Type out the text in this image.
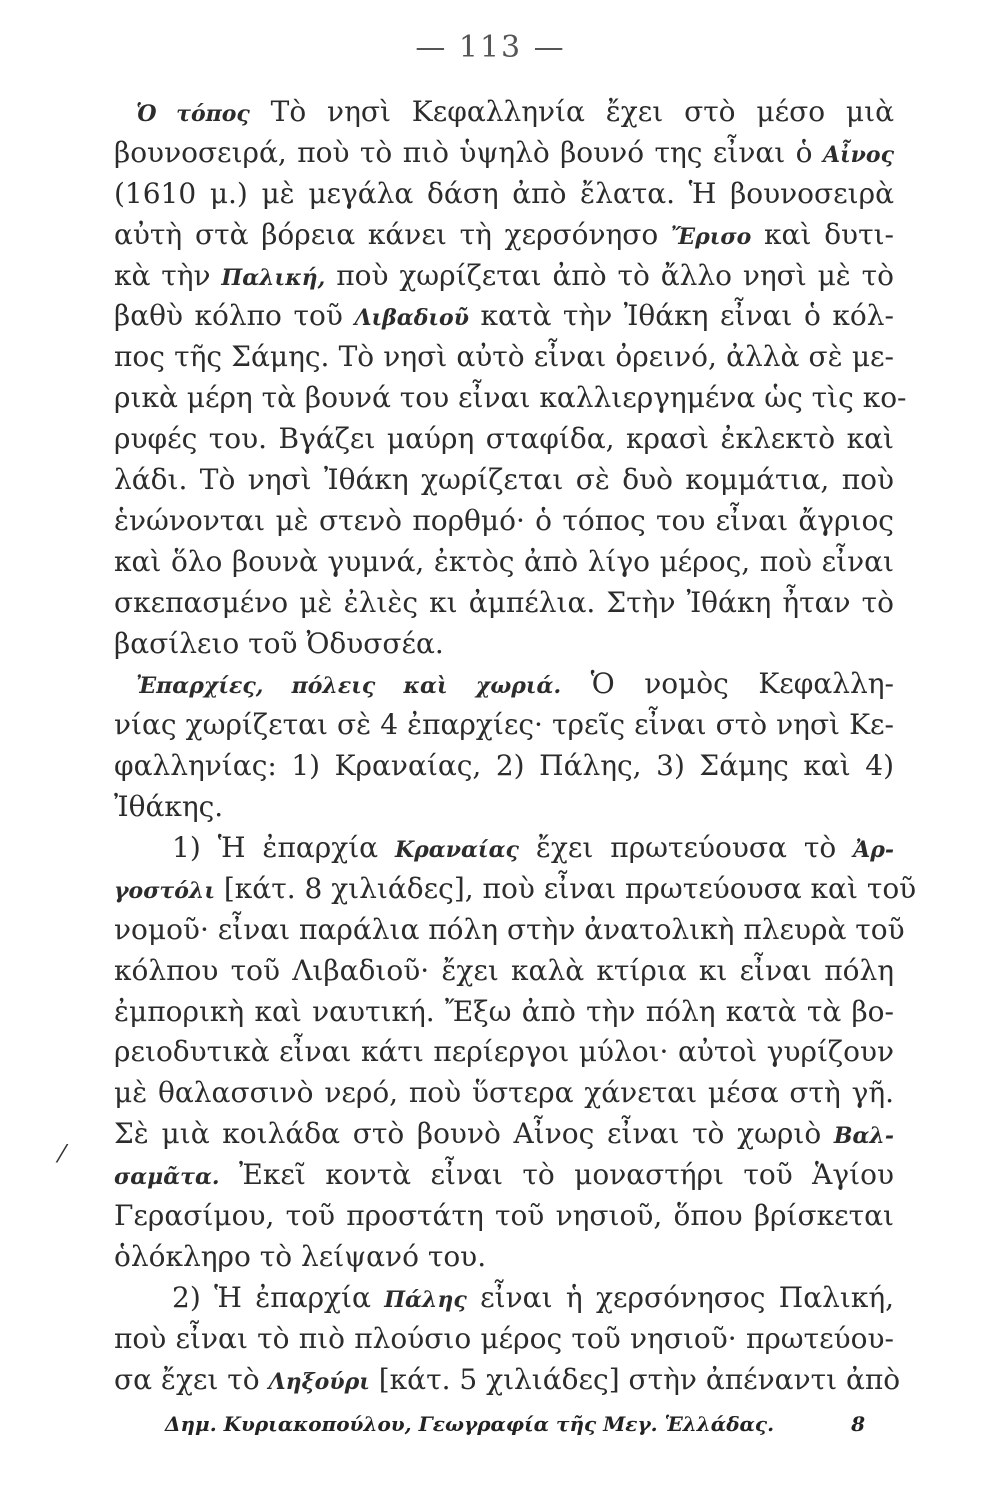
— 113 —
⁄
Ὁ τόπος Τὸ νησὶ Κεφαλληνία ἔχει στὸ μέσο μιὰ
βουνοσειρά, ποὺ τὸ πιὸ ὑψηλὸ βουνό της εἶναι ὁ Αἶνος
(1610 μ.) μὲ μεγάλα δάση ἀπὸ ἔλατα. Ἡ βουνοσειρὰ
αὐτὴ στὰ βόρεια κάνει τὴ χερσόνησο Ἔρισο καὶ δυτι-
κὰ τὴν Παλική, ποὺ χωρίζεται ἀπὸ τὸ ἄλλο νησὶ μὲ τὸ
βαθὺ κόλπο τοῦ Λιβαδιοῦ κατὰ τὴν Ἰθάκη εἶναι ὁ κόλ-
πος τῆς Σάμης. Τὸ νησὶ αὐτὸ εἶναι ὀρεινό, ἀλλὰ σὲ με-
ρικὰ μέρη τὰ βουνά του εἶναι καλλιεργημένα ὡς τὶς κο-
ρυφές του. Βγάζει μαύρη σταφίδα, κρασὶ ἐκλεκτὸ καὶ
λάδι. Τὸ νησὶ Ἰθάκη χωρίζεται σὲ δυὸ κομμάτια, ποὺ
ἑνώνονται μὲ στενὸ πορθμό· ὁ τόπος του εἶναι ἄγριος
καὶ ὅλο βουνὰ γυμνά, ἐκτὸς ἀπὸ λίγο μέρος, ποὺ εἶναι
σκεπασμένο μὲ ἐλιὲς κι ἀμπέλια. Στὴν Ἰθάκη ἦταν τὸ
βασίλειο τοῦ Ὀδυσσέα.
Ἐπαρχίες, πόλεις καὶ χωριά. Ὁ νομὸς Κεφαλλη-
νίας χωρίζεται σὲ 4 ἐπαρχίες· τρεῖς εἶναι στὸ νησὶ Κε-
φαλληνίας: 1) Κραναίας, 2) Πάλης, 3) Σάμης καὶ 4)
Ἰθάκης.
1) Ἡ ἐπαρχία Κραναίας ἔχει πρωτεύουσα τὸ Ἀρ-
γοστόλι [κάτ. 8 χιλιάδες], ποὺ εἶναι πρωτεύουσα καὶ τοῦ
νομοῦ· εἶναι παράλια πόλη στὴν ἀνατολικὴ πλευρὰ τοῦ
κόλπου τοῦ Λιβαδιοῦ· ἔχει καλὰ κτίρια κι εἶναι πόλη
ἐμπορικὴ καὶ ναυτική. Ἔξω ἀπὸ τὴν πόλη κατὰ τὰ βο-
ρειοδυτικὰ εἶναι κάτι περίεργοι μύλοι· αὐτοὶ γυρίζουν
μὲ θαλασσινὸ νερό, ποὺ ὕστερα χάνεται μέσα στὴ γῆ.
Σὲ μιὰ κοιλάδα στὸ βουνὸ Αἶνος εἶναι τὸ χωριὸ Βαλ-
σαμᾶτα. Ἐκεῖ κοντὰ εἶναι τὸ μοναστήρι τοῦ Ἁγίου
Γερασίμου, τοῦ προστάτη τοῦ νησιοῦ, ὅπου βρίσκεται
ὁλόκληρο τὸ λείψανό του.
2) Ἡ ἐπαρχία Πάλης εἶναι ἡ χερσόνησος Παλική,
ποὺ εἶναι τὸ πιὸ πλούσιο μέρος τοῦ νησιοῦ· πρωτεύου-
σα ἔχει τὸ Ληξούρι [κάτ. 5 χιλιάδες] στὴν ἀπέναντι ἀπὸ
Δημ. Κυριακοπούλου, Γεωγραφία τῆς Μεγ. Ἑλλάδας.	8
